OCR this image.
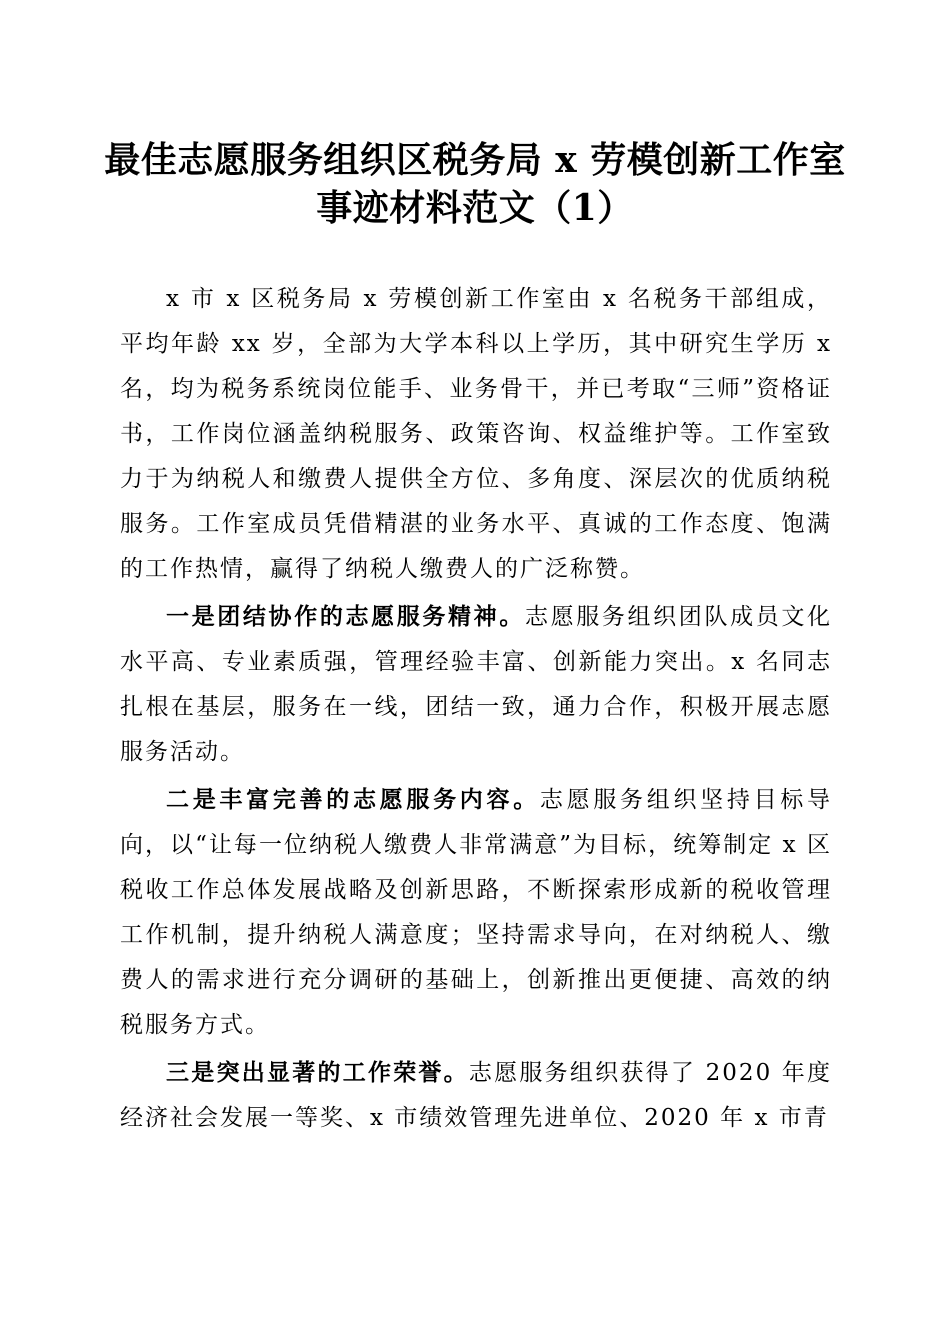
最佳志愿服务组织区税务局 x 劳模创新工作室
事迹材料范文（1）

x 市 x 区税务局 x 劳模创新工作室由 x 名税务干部组成，平均年龄 xx 岁，全部为大学本科以上学历，其中研究生学历 x 名，均为税务系统岗位能手、业务骨干，并已考取“三师”资格证书，工作岗位涵盖纳税服务、政策咨询、权益维护等。工作室致力于为纳税人和缴费人提供全方位、多角度、深层次的优质纳税服务。工作室成员凭借精湛的业务水平、真诚的工作态度、饱满的工作热情，赢得了纳税人缴费人的广泛称赞。

一是团结协作的志愿服务精神。志愿服务组织团队成员文化水平高、专业素质强，管理经验丰富、创新能力突出。x 名同志扎根在基层，服务在一线，团结一致，通力合作，积极开展志愿服务活动。

二是丰富完善的志愿服务内容。志愿服务组织坚持目标导向，以“让每一位纳税人缴费人非常满意”为目标，统筹制定 x 区税收工作总体发展战略及创新思路，不断探索形成新的税收管理工作机制，提升纳税人满意度；坚持需求导向，在对纳税人、缴费人的需求进行充分调研的基础上，创新推出更便捷、高效的纳税服务方式。

三是突出显著的工作荣誉。志愿服务组织获得了 2020 年度经济社会发展一等奖、x 市绩效管理先进单位、2020 年 x 市青
